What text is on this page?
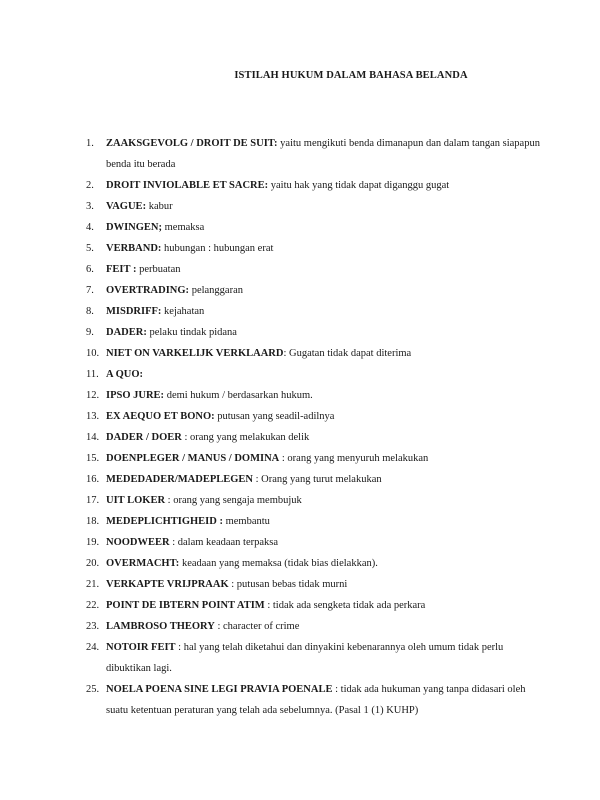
ISTILAH HUKUM DALAM BAHASA BELANDA
1.	ZAAKSGEVOLG / DROIT DE SUIT: yaitu mengikuti benda dimanapun dan dalam tangan siapapun benda itu berada
2.	DROIT INVIOLABLE ET SACRE: yaitu hak yang tidak dapat diganggu gugat
3.	VAGUE: kabur
4.	DWINGEN; memaksa
5.	VERBAND: hubungan : hubungan erat
6.	FEIT : perbuatan
7.	OVERTRADING: pelanggaran
8.	MISDRIFF: kejahatan
9.	DADER: pelaku tindak pidana
10. NIET ON VARKELIJK VERKLAARD: Gugatan tidak dapat diterima
11. A QUO:
12. IPSO JURE: demi hukum / berdasarkan hukum.
13. EX AEQUO ET BONO: putusan yang seadil-adilnya
14. DADER / DOER : orang yang melakukan delik
15. DOENPLEGER / MANUS / DOMINA : orang yang menyuruh melakukan
16. MEDEDADER/MADEPLEGEN : Orang yang turut melakukan
17. UIT LOKER : orang yang sengaja membujuk
18. MEDEPLICHTIGHEID : membantu
19. NOODWEER : dalam keadaan terpaksa
20. OVERMACHT: keadaan yang memaksa (tidak bias dielakkan).
21. VERKAPTE VRIJPRAAK : putusan bebas tidak murni
22. POINT DE IBTERN POINT ATIM : tidak ada sengketa tidak ada perkara
23. LAMBROSO THEORY : character of crime
24. NOTOIR FEIT : hal yang telah diketahui dan dinyakini kebenarannya oleh umum tidak perlu dibuktikan lagi.
25. NOELA POENA SINE LEGI PRAVIA POENALE : tidak ada hukuman yang tanpa didasari oleh suatu ketentuan peraturan yang telah ada sebelumnya. (Pasal 1 (1) KUHP)
